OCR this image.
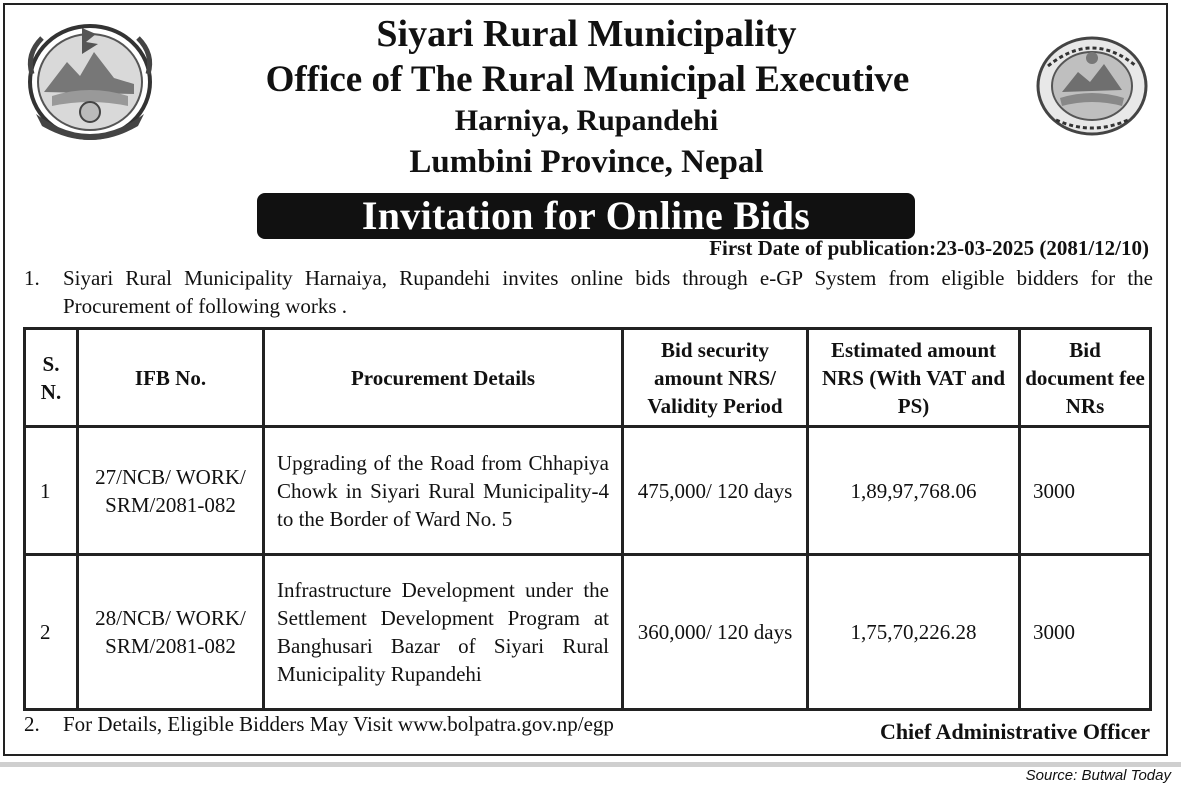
Siyari Rural Municipality
Office of The Rural Municipal Executive
Harniya, Rupandehi
Lumbini Province, Nepal
Invitation for Online Bids
First Date of publication:23-03-2025 (2081/12/10)
1. Siyari Rural Municipality Harnaiya, Rupandehi invites online bids through e-GP System from eligible bidders for the Procurement of following works .
S. N.	IFB No.	Procurement Details	Bid security amount NRS/ Validity Period	Estimated amount NRS (With VAT and PS)	Bid document fee NRs
1	27/NCB/ WORK/ SRM/2081-082	Upgrading of the Road from Chhapiya Chowk in Siyari Rural Municipality-4 to the Border of Ward No. 5	475,000/ 120 days	1,89,97,768.06	3000
2	28/NCB/ WORK/ SRM/2081-082	Infrastructure Development under the Settlement Development Program at Banghusari Bazar of Siyari Rural Municipality Rupandehi	360,000/ 120 days	1,75,70,226.28	3000
2. For Details, Eligible Bidders May Visit www.bolpatra.gov.np/egp	Chief Administrative Officer
Source: Butwal Today
